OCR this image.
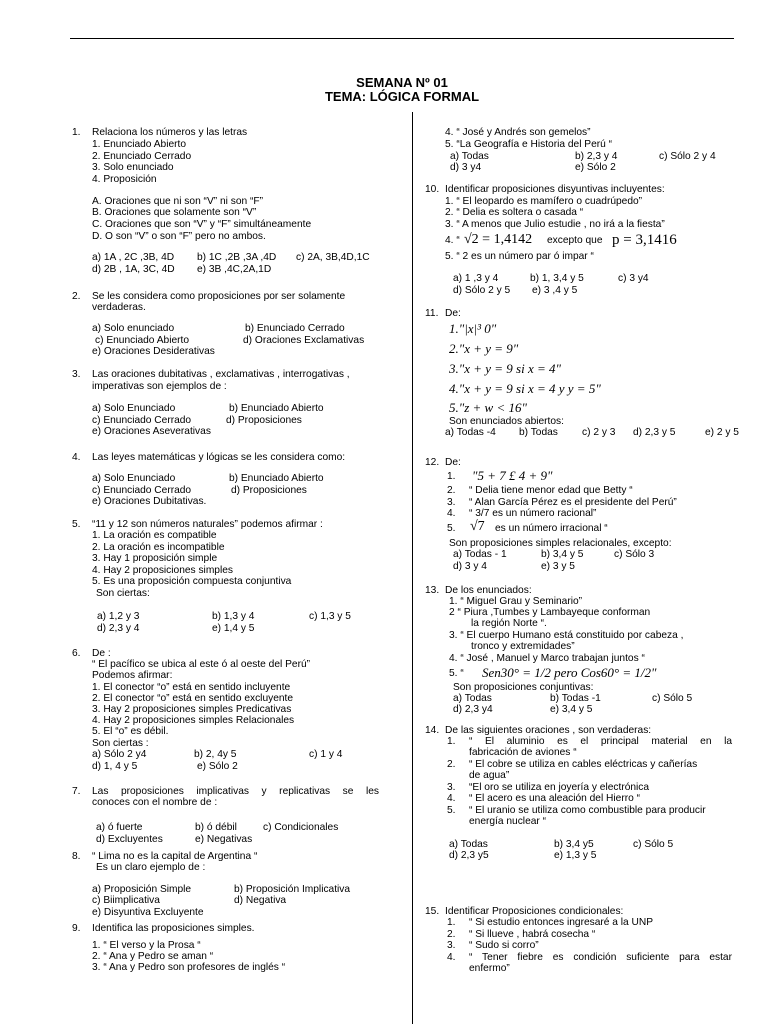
SEMANA Nº 01
TEMA: LÓGICA FORMAL
1. Relaciona los números y las letras
1. Enunciado Abierto
2. Enunciado Cerrado
3. Solo enunciado
4. Proposición
A. Oraciones que ni son “V” ni son “F”
B. Oraciones que solamente son “V”
C. Oraciones que son “V” y “F” simultáneamente
D. O son “V” o son “F” pero no ambos.
a) 1A , 2C ,3B, 4D b) 1C ,2B ,3A ,4D c) 2A, 3B,4D,1C
d) 2B , 1A, 3C, 4D e) 3B ,4C,2A,1D
2. Se les considera como proposiciones por ser solamente
verdaderas.
a) Solo enunciado	b) Enunciado Cerrado
c) Enunciado Abierto	d) Oraciones Exclamativas
e) Oraciones Desiderativas
3. Las oraciones dubitativas , exclamativas , interrogativas ,
imperativas son ejemplos de :
a) Solo Enunciado	b) Enunciado Abierto
c) Enunciado Cerrado	d) Proposiciones
e) Oraciones Aseverativas
4. Las leyes matemáticas y lógicas se les considera como:
a) Solo Enunciado	b) Enunciado Abierto
c) Enunciado Cerrado	d) Proposiciones
e) Oraciones Dubitativas.
5. “11 y 12 son números naturales” podemos afirmar :
1. La oración es compatible
2. La oración es incompatible
3. Hay 1 proposición simple
4. Hay 2 proposiciones simples
5. Es una proposición compuesta conjuntiva
Son ciertas:
a) 1,2 y 3	b) 1,3 y 4	c) 1,3 y 5
d) 2,3 y 4	e) 1,4 y 5
6. De :
“ El pacífico se ubica al este ó al oeste del Perú”
Podemos afirmar:
1. El conector “o” está en sentido incluyente
2. El conector “o” está en sentido excluyente
3. Hay 2 proposiciones simples Predicativas
4. Hay 2 proposiciones simples Relacionales
5. El “o” es débil.
Son ciertas :
a) Sólo 2 y4	b) 2, 4y 5	c) 1 y 4
d) 1, 4 y 5	e) Sólo 2
7. Las proposiciones implicativas y replicativas se les
conoces con el nombre de :
a) ó fuerte	b) ó débil	c) Condicionales
d) Excluyentes	e) Negativas
8. “ Lima no es la capital de Argentina “
Es un claro ejemplo de :
a) Proposición Simple	b) Proposición Implicativa
c) Biimplicativa	d) Negativa
e) Disyuntiva Excluyente
9. Identifica las proposiciones simples.
1. “ El verso y la Prosa “
2. “ Ana y Pedro se aman “
3. “ Ana y Pedro son profesores de inglés “
4. “ José y Andrés son gemelos”
5. “La Geografía e Historia del Perú “
a) Todas	b) 2,3 y 4	c) Sólo 2 y 4
d) 3 y4	e) Sólo 2
10. Identificar proposiciones disyuntivas incluyentes:
1. “ El leopardo es mamífero o cuadrúpedo”
2. “ Delia es soltera o casada “
3. “ A menos que Julio estudie , no irá a la fiesta”
4. “ √2 = 1,4142 excepto que p = 3,1416
5. “ 2 es un número par ó impar “
a) 1 ,3 y 4	b) 1, 3,4 y 5	c) 3 y4
d) Sólo 2 y 5 e) 3 ,4 y 5
11. De:
1."|x|³ 0"
2."x + y = 9"
3."x + y = 9 si x = 4"
4."x + y = 9 si x = 4 y y = 5"
5."z + w < 16"
Son enunciados abiertos:
a) Todas -4 b) Todas c) 2 y 3 d) 2,3 y 5	e) 2 y 5
12. De:
1. "5 + 7 £ 4 + 9"
2. “ Delia tiene menor edad que Betty “
3. “ Alan García Pérez es el presidente del Perú”
4. “ 3/7 es un número racional”
5. √7 es un número irracional “
Son proposiciones simples relacionales, excepto:
a) Todas - 1	b) 3,4 y 5	c) Sólo 3
d) 3 y 4	e) 3 y 5
13. De los enunciados:
1. “ Miguel Grau y Seminario”
2 “ Piura ,Tumbes y Lambayeque conforman
la región Norte “.
3. “ El cuerpo Humano está constituido por cabeza ,
tronco y extremidades”
4. “ José , Manuel y Marco trabajan juntos “
5. “ Sen30° = 1/2 pero Cos60° = 1/2"
Son proposiciones conjuntivas:
a) Todas	b) Todas -1	c) Sólo 5
d) 2,3 y4	e) 3,4 y 5
14. De las siguientes oraciones , son verdaderas:
1. “ El aluminio es el principal material en la
fabricación de aviones “
2. “ El cobre se utiliza en cables eléctricas y cañerías
de agua”
3. “El oro se utiliza en joyería y electrónica
4. “ El acero es una aleación del Hierro “
5. “ El uranio se utiliza como combustible para producir
energía nuclear “
a) Todas	b) 3,4 y5	c) Sólo 5
d) 2,3 y5	e) 1,3 y 5
15. Identificar Proposiciones condicionales:
1. “ Si estudio entonces ingresaré a la UNP
2. “ Si llueve , habrá cosecha “
3. “ Sudo si corro”
4. “ Tener fiebre es condición suficiente para estar
enfermo”
